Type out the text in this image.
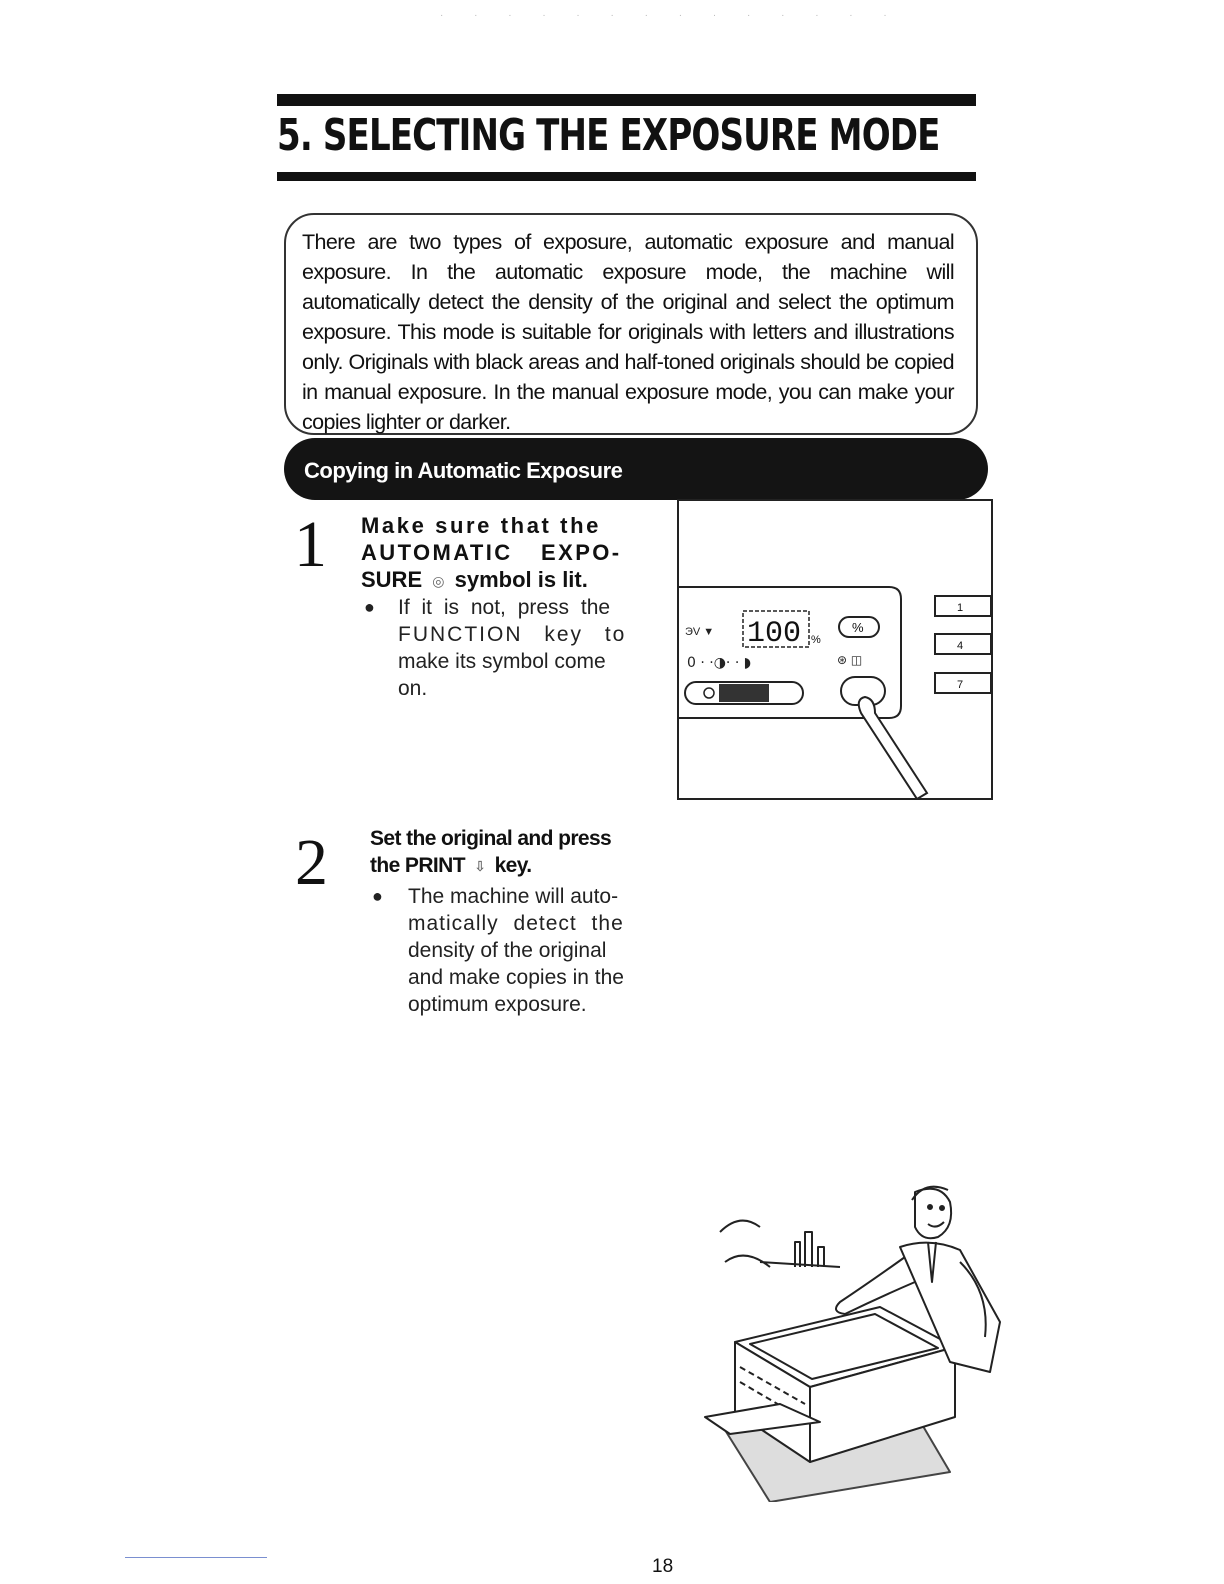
· · · · · · · · · · · · · ·
5. SELECTING THE EXPOSURE MODE

There are two types of exposure, automatic exposure and manual exposure. In the automatic exposure mode, the machine will automatically detect the density of the original and select the optimum exposure. This mode is suitable for originals with letters and illustrations only. Originals with black areas and half-toned originals should be copied in manual exposure. In the manual exposure mode, you can make your copies lighter or darker.

Copying in Automatic Exposure
1 Make sure that the
AUTOMATIC EXPO-
SURE ◎ symbol is lit.
● If it is not, press the
FUNCTION key to
make its symbol come
on.
ЭV ▼ 100 %
%
0 · ·◑· · ◗	⊛ ◫
1
4
7
2 Set the original and press
the PRINT ⇩ key.
● The machine will auto-
matically detect the
density of the original
and make copies in the
optimum exposure.
18
